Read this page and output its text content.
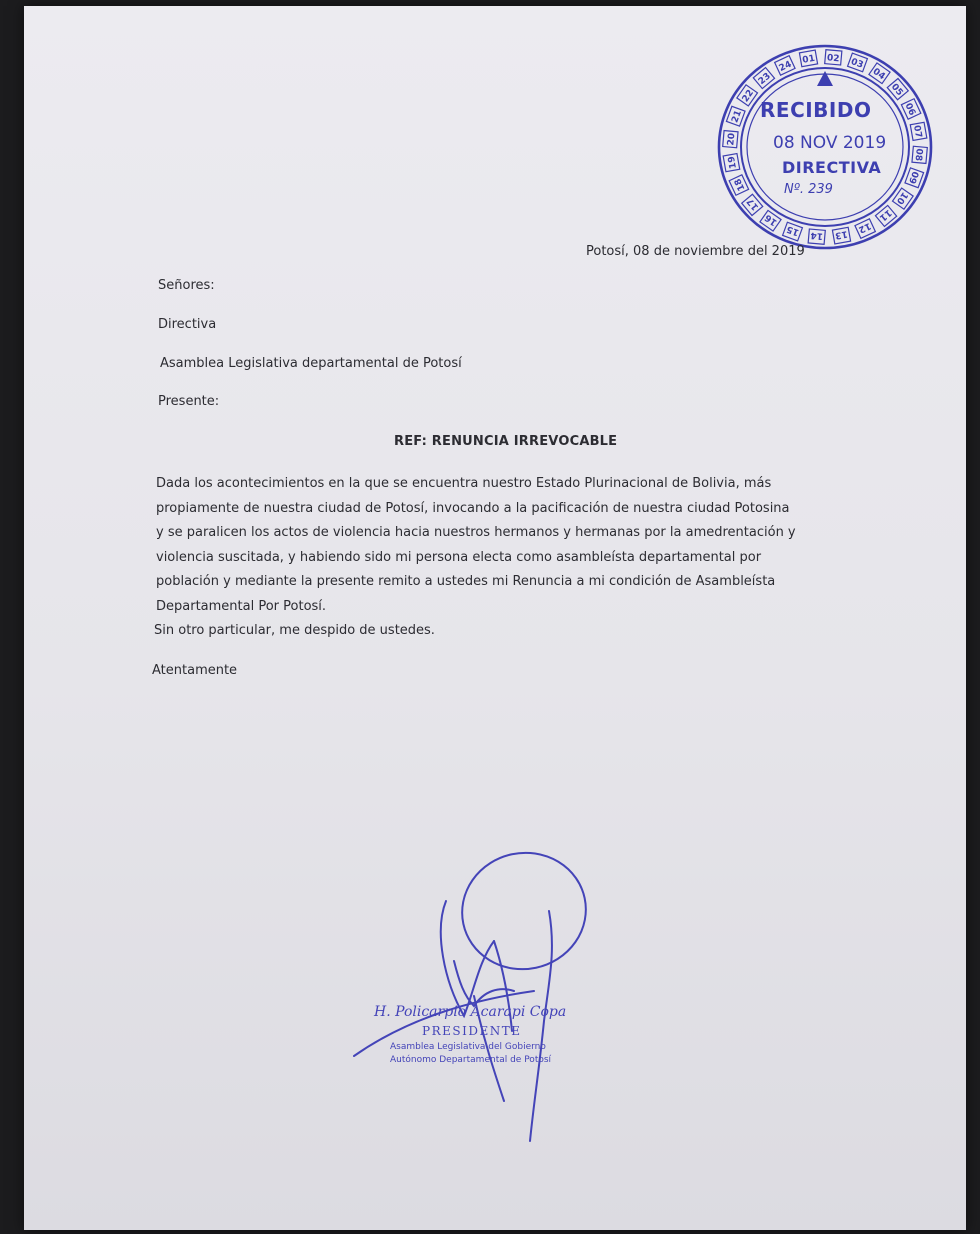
01 02 03
04
05
06
07
08
09
10
11
12
13
14
15
16
17
18
19
20
21
22
23
24
RECIBIDO
08 NOV 2019
DIRECTIVA
Nº. 239
Potosí, 08 de noviembre del 2019
Señores:
Directiva
Asamblea Legislativa departamental de Potosí
Presente:
REF: RENUNCIA IRREVOCABLE
Dada los acontecimientos en la que se encuentra nuestro Estado Plurinacional de Bolivia, más
propiamente de nuestra ciudad de Potosí, invocando a la pacificación de nuestra ciudad Potosina
y se paralicen los actos de violencia hacia nuestros hermanos y hermanas por la amedrentación y
violencia suscitada, y habiendo sido mi persona electa como asambleísta departamental por
población y mediante la presente remito a ustedes mi Renuncia a mi condición de Asambleísta
Departamental Por Potosí.
Sin otro particular, me despido de ustedes.
Atentamente
H. Policarpio Acarapi Copa
PRESIDENTE
Asamblea Legislativa del Gobierno
Autónomo Departamental de Potosí
